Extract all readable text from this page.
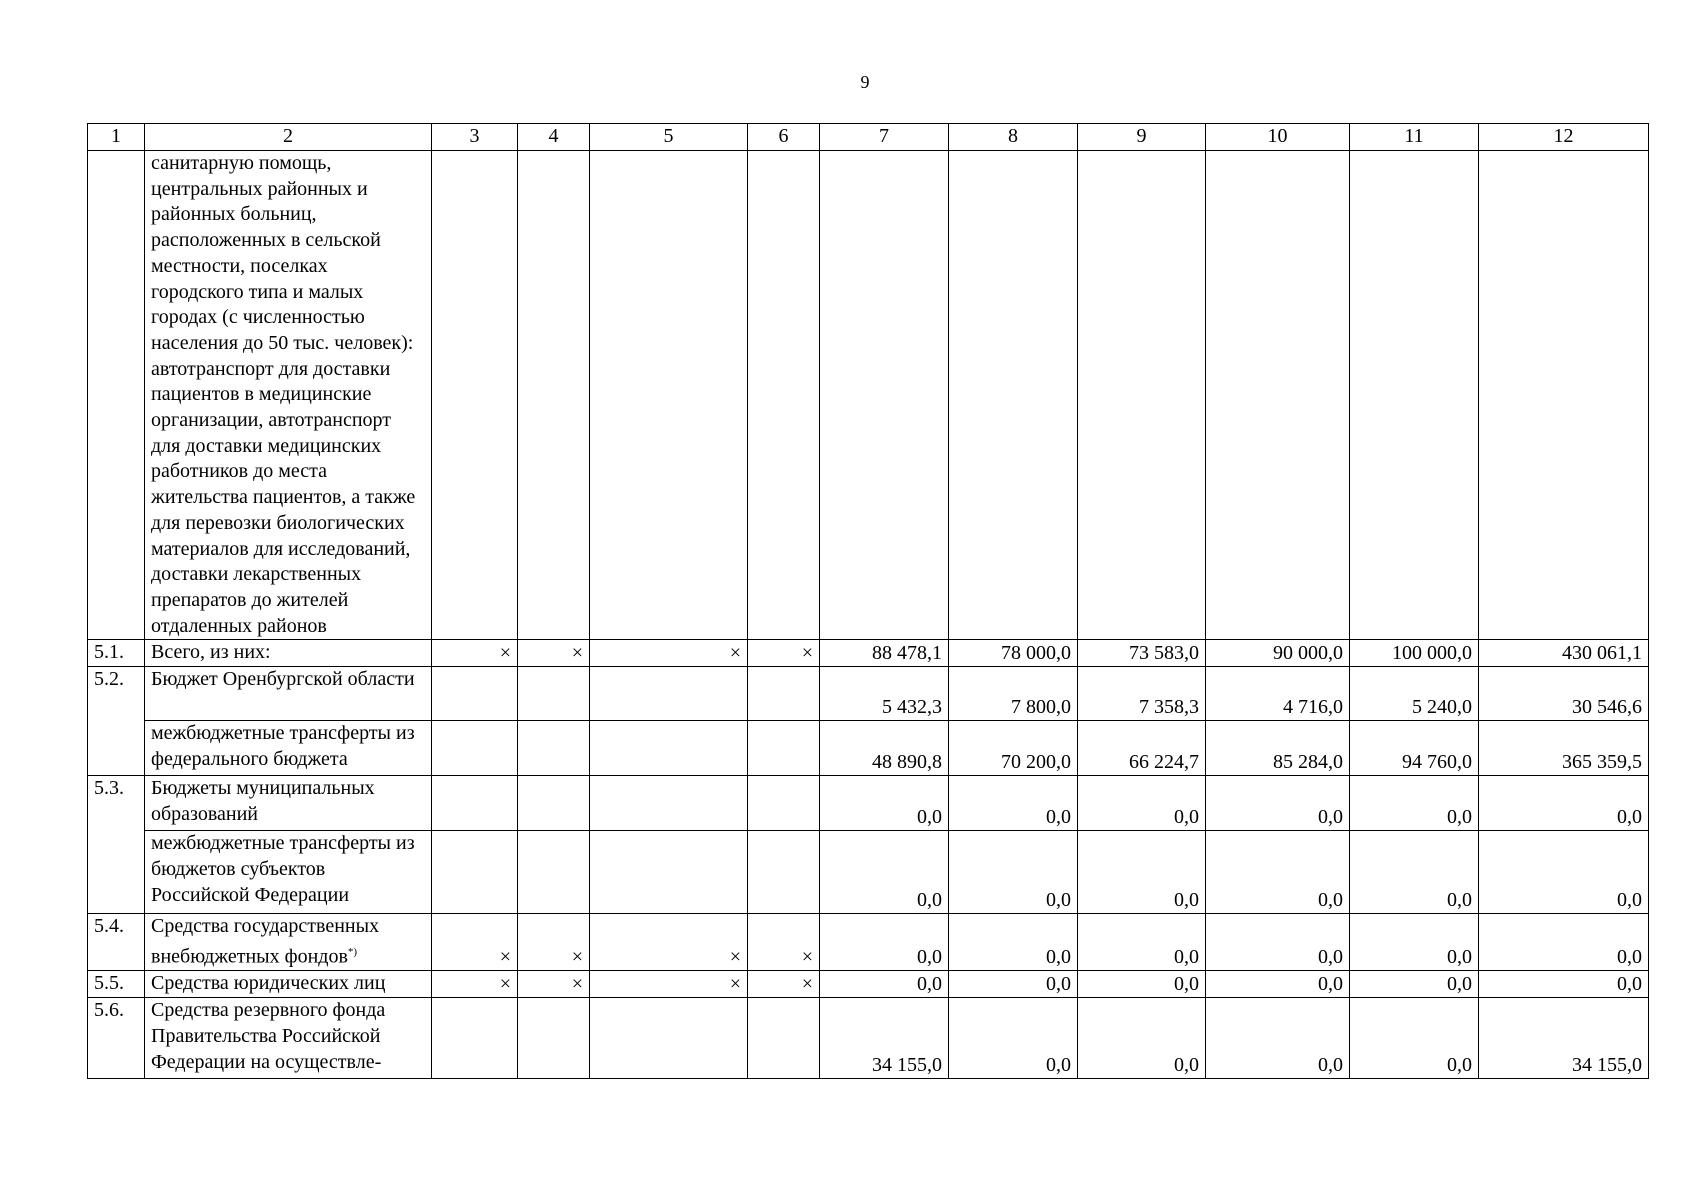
9
1	2	3	4	5	6	7	8	9	10	11	12
	санитарную помощь, центральных районных и районных больниц, расположенных в сельской местности, поселках городского типа и малых городах (с численностью населения до 50 тыс. человек): автотранспорт для доставки пациентов в медицинские организации, автотранспорт для доставки медицинских работников до места жительства пациентов, а также для перевозки биологических материалов для исследований, доставки лекарственных препаратов до жителей отдаленных районов										
5.1.	Всего, из них:	×	×	×	×	88 478,1	78 000,0	73 583,0	90 000,0	100 000,0	430 061,1
5.2.	Бюджет Оренбургской области					5 432,3	7 800,0	7 358,3	4 716,0	5 240,0	30 546,6
	межбюджетные трансферты из федерального бюджета					48 890,8	70 200,0	66 224,7	85 284,0	94 760,0	365 359,5
5.3.	Бюджеты муниципальных образований					0,0	0,0	0,0	0,0	0,0	0,0
	межбюджетные трансферты из бюджетов субъектов Российской Федерации					0,0	0,0	0,0	0,0	0,0	0,0
5.4.	Средства государственных внебюджетных фондов*)	×	×	×	×	0,0	0,0	0,0	0,0	0,0	0,0
5.5.	Средства юридических лиц	×	×	×	×	0,0	0,0	0,0	0,0	0,0	0,0
5.6.	Средства резервного фонда Правительства Российской Федерации на осуществле-					34 155,0	0,0	0,0	0,0	0,0	34 155,0
